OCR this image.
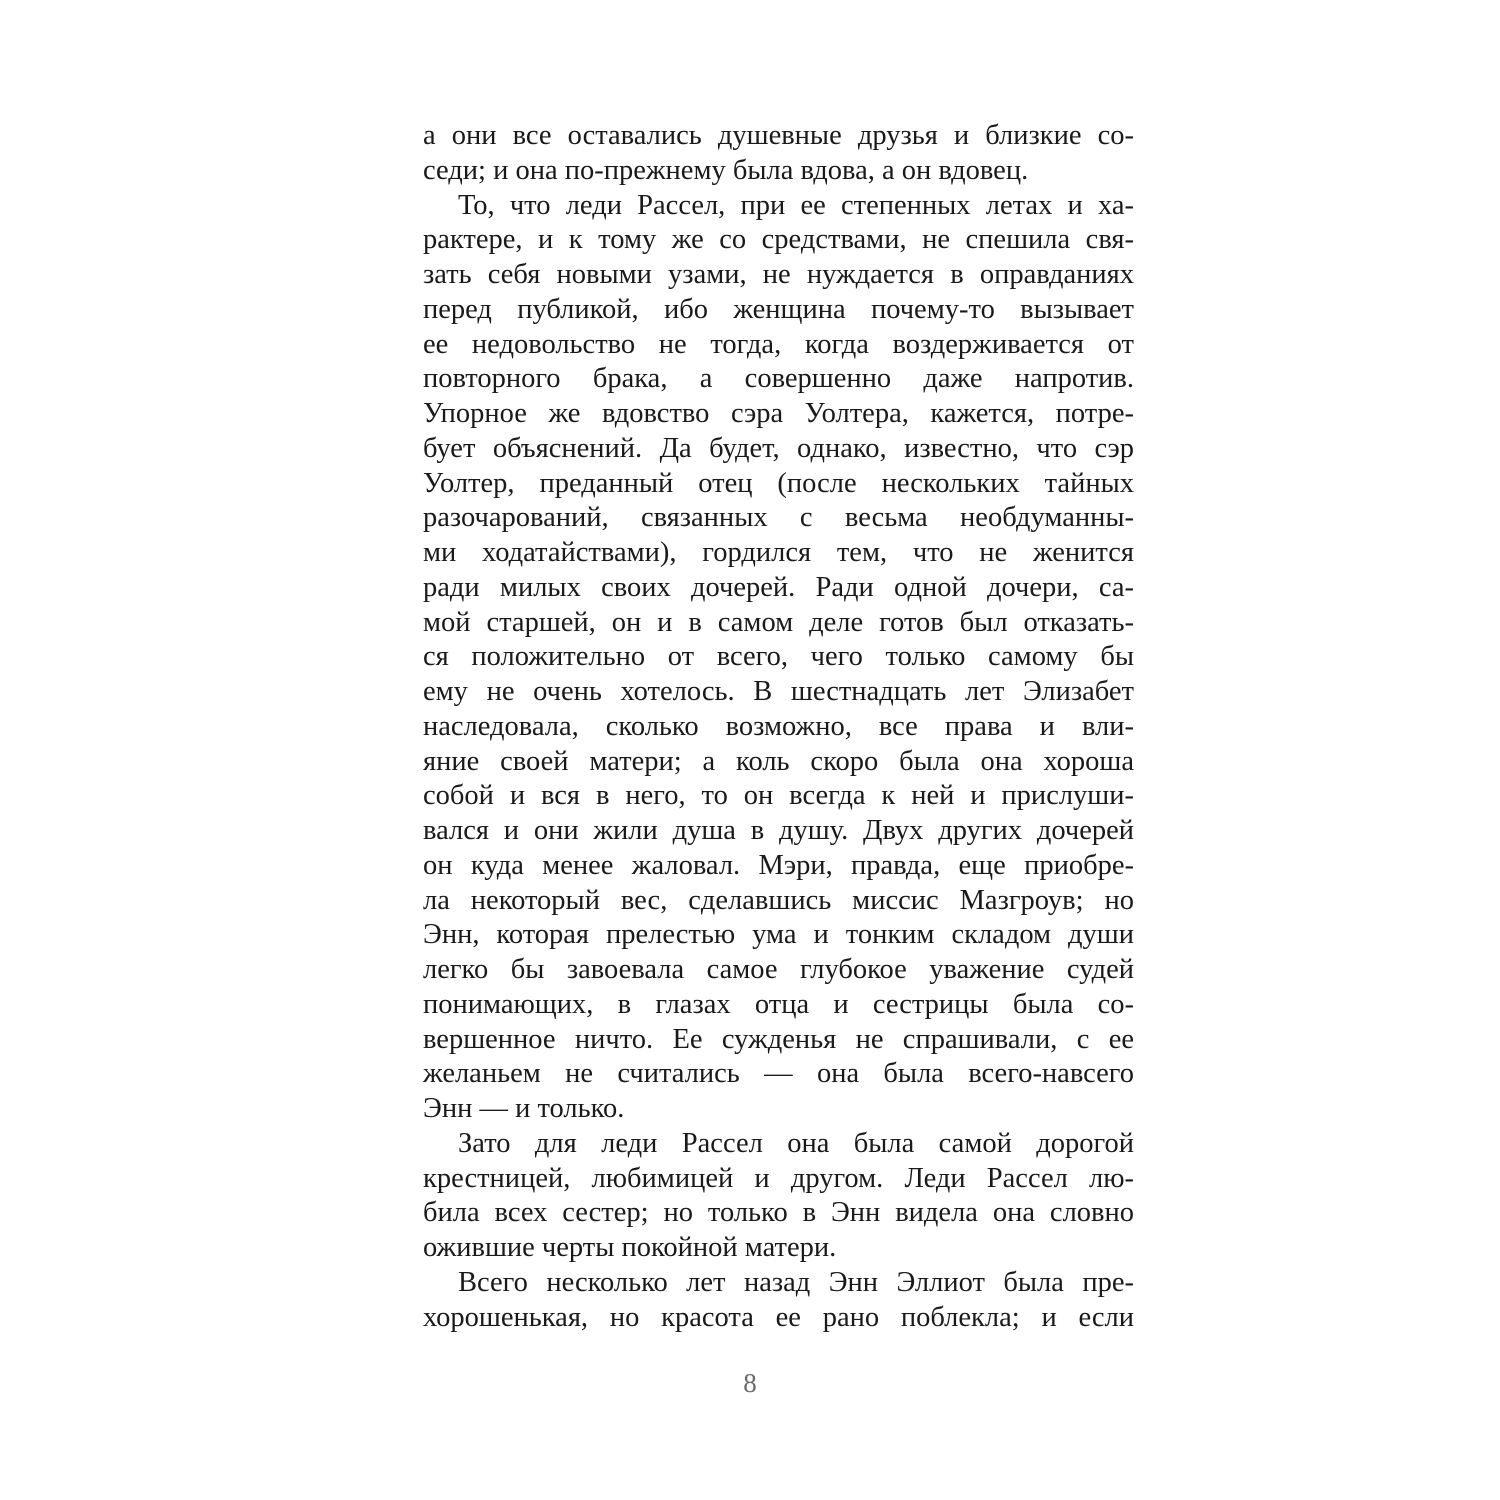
а они все оставались душевные друзья и близкие со-
седи; и она по-прежнему была вдова, а он вдовец.
То, что леди Рассел, при ее степенных летах и ха-
рактере, и к тому же со средствами, не спешила свя-
зать себя новыми узами, не нуждается в оправданиях
перед публикой, ибо женщина почему-то вызывает
ее недовольство не тогда, когда воздерживается от
повторного брака, а совершенно даже напротив.
Упорное же вдовство сэра Уолтера, кажется, потре-
бует объяснений. Да будет, однако, известно, что сэр
Уолтер, преданный отец (после нескольких тайных
разочарований, связанных с весьма необдуманны-
ми ходатайствами), гордился тем, что не женится
ради милых своих дочерей. Ради одной дочери, са-
мой старшей, он и в самом деле готов был отказать-
ся положительно от всего, чего только самому бы
ему не очень хотелось. В шестнадцать лет Элизабет
наследовала, сколько возможно, все права и вли-
яние своей матери; а коль скоро была она хороша
собой и вся в него, то он всегда к ней и прислуши-
вался и они жили душа в душу. Двух других дочерей
он куда менее жаловал. Мэри, правда, еще приобре-
ла некоторый вес, сделавшись миссис Мазгроув; но
Энн, которая прелестью ума и тонким складом души
легко бы завоевала самое глубокое уважение судей
понимающих, в глазах отца и сестрицы была со-
вершенное ничто. Ее сужденья не спрашивали, с ее
желаньем не считались — она была всего-навсего
Энн — и только.
Зато для леди Рассел она была самой дорогой
крестницей, любимицей и другом. Леди Рассел лю-
била всех сестер; но только в Энн видела она словно
ожившие черты покойной матери.
Всего несколько лет назад Энн Эллиот была пре-
хорошенькая, но красота ее рано поблекла; и если
8
